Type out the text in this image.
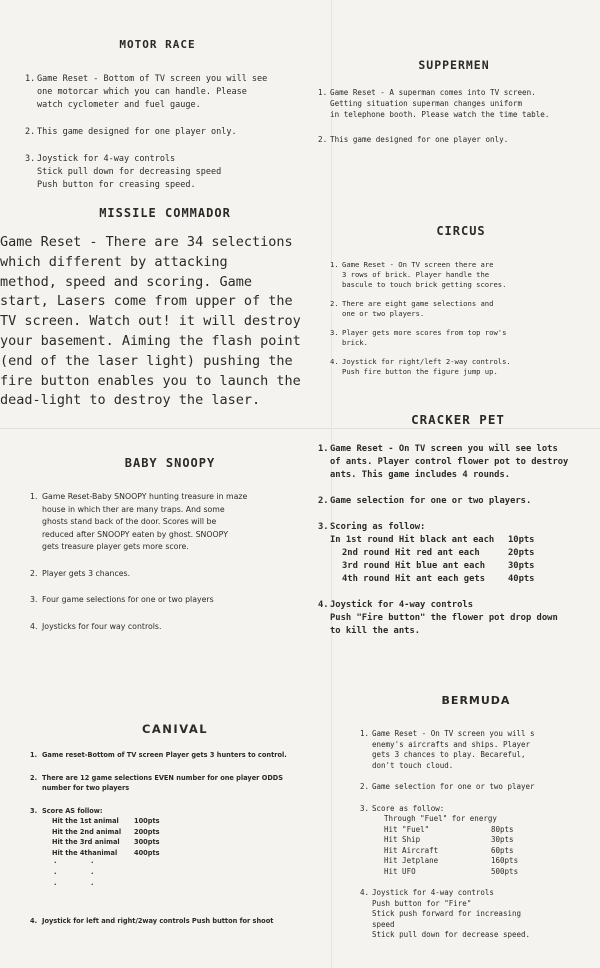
MOTOR RACE
1. Game Reset - Bottom of TV screen you will see
one motorcar which you can handle. Please
watch cyclometer and fuel gauge.
2. This game designed for one player only.
3. Joystick for 4-way controls
Stick pull down for decreasing speed
Push button for creasing speed.
SUPPERMEN
1. Game Reset - A superman comes into TV screen.
Getting situation superman changes uniform
in telephone booth. Please watch the time table.
2. This game designed for one player only.
MISSILE COMMADOR
Game Reset - There are 34 selections
which different by attacking
method, speed and scoring. Game
start, Lasers come from upper of the
TV screen. Watch out! it will destroy
your basement. Aiming the flash point
(end of the laser light) pushing the
fire button enables you to launch the
dead-light to destroy the laser.
CIRCUS
1. Game Reset - On TV screen there are
3 rows of brick. Player handle the
bascule to touch brick getting scores.
2. There are eight game selections and
one or two players.
3. Player gets more scores from top row's
brick.
4. Joystick for right/left 2-way controls.
Push fire button the figure jump up.
CRACKER PET
1. Game Reset - On TV screen you will see lots
of ants. Player control flower pot to destroy
ants. This game includes 4 rounds.
2. Game selection for one or two players.
3. Scoring as follow:
In 1st round Hit black ant each	10pts
2nd round Hit red ant each	20pts
3rd round Hit blue ant each	30pts
4th round Hit ant each gets	40pts
4. Joystick for 4-way controls
Push "Fire button" the flower pot drop down
to kill the ants.
BABY SNOOPY
1. Game Reset-Baby SNOOPY hunting treasure in maze
house in which ther are many traps. And some
ghosts stand back of the door. Scores will be
reduced after SNOOPY eaten by ghost. SNOOPY
gets treasure player gets more score.
2. Player gets 3 chances.
3. Four game selections for one or two players
4. Joysticks for four way controls.
CANIVAL
1. Game reset-Bottom of TV screen Player gets 3 hunters to control.
2. There are 12 game selections EVEN number for one player ODDS
number for two players
3. Score AS follow:
Hit the 1st animal	100pts
Hit the 2nd animal	200pts
Hit the 3rd animal	300pts
Hit the 4thanimal	400pts
·               ·
·               ·
·               ·
4. Joystick for left and right/2way controls Push button for shoot
BERMUDA
1. Game Reset - On TV screen you will s
enemy's aircrafts and ships. Player
gets 3 chances to play. Becareful,
don't touch cloud.
2. Game selection for one or two player
3. Score as follow:
Through "Fuel" for energy
Hit "Fuel"	80pts
Hit Ship	30pts
Hit Aircraft	60pts
Hit Jetplane	160pts
Hit UFO	500pts
4. Joystick for 4-way controls
Push button for "Fire"
Stick push forward for increasing
speed
Stick pull down for decrease speed.
